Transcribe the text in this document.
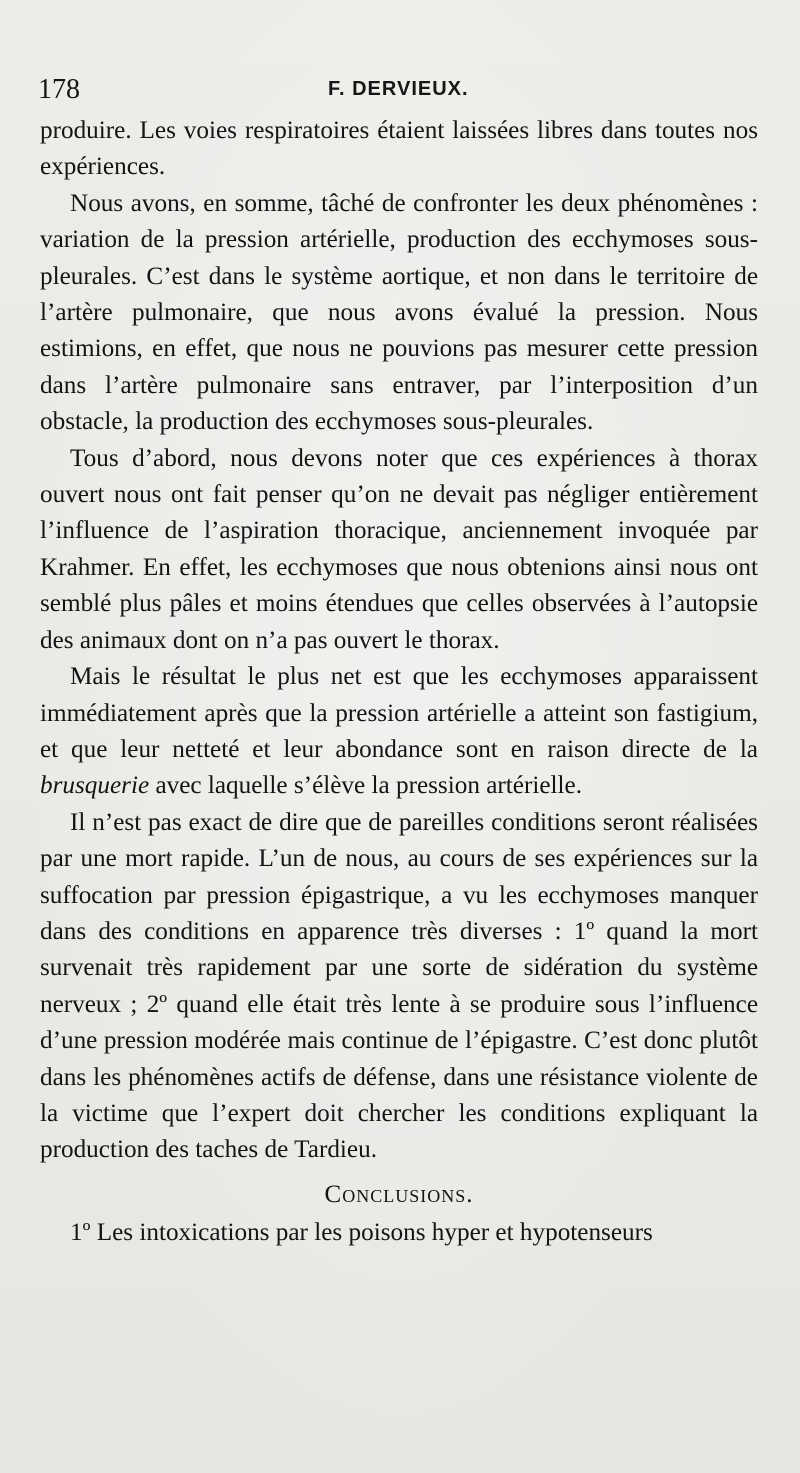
178	F. DERVIEUX.

produire. Les voies respiratoires étaient laissées libres dans toutes nos expériences.

Nous avons, en somme, tâché de confronter les deux phénomènes : variation de la pression artérielle, production des ecchymoses sous-pleurales. C’est dans le système aortique, et non dans le territoire de l’artère pulmonaire, que nous avons évalué la pression. Nous estimions, en effet, que nous ne pouvions pas mesurer cette pression dans l’artère pulmonaire sans entraver, par l’interposition d’un obstacle, la production des ecchymoses sous-pleurales.

Tous d’abord, nous devons noter que ces expériences à thorax ouvert nous ont fait penser qu’on ne devait pas négliger entièrement l’influence de l’aspiration thoracique, anciennement invoquée par Krahmer. En effet, les ecchymoses que nous obtenions ainsi nous ont semblé plus pâles et moins étendues que celles observées à l’autopsie des animaux dont on n’a pas ouvert le thorax.

Mais le résultat le plus net est que les ecchymoses apparaissent immédiatement après que la pression artérielle a atteint son fastigium, et que leur netteté et leur abondance sont en raison directe de la brusquerie avec laquelle s’élève la pression artérielle.

Il n’est pas exact de dire que de pareilles conditions seront réalisées par une mort rapide. L’un de nous, au cours de ses expériences sur la suffocation par pression épigastrique, a vu les ecchymoses manquer dans des conditions en apparence très diverses : 1º quand la mort survenait très rapidement par une sorte de sidération du système nerveux ; 2º quand elle était très lente à se produire sous l’influence d’une pression modérée mais continue de l’épigastre. C’est donc plutôt dans les phénomènes actifs de défense, dans une résistance violente de la victime que l’expert doit chercher les conditions expliquant la production des taches de Tardieu.

Conclusions.

1º Les intoxications par les poisons hyper et hypotenseurs
